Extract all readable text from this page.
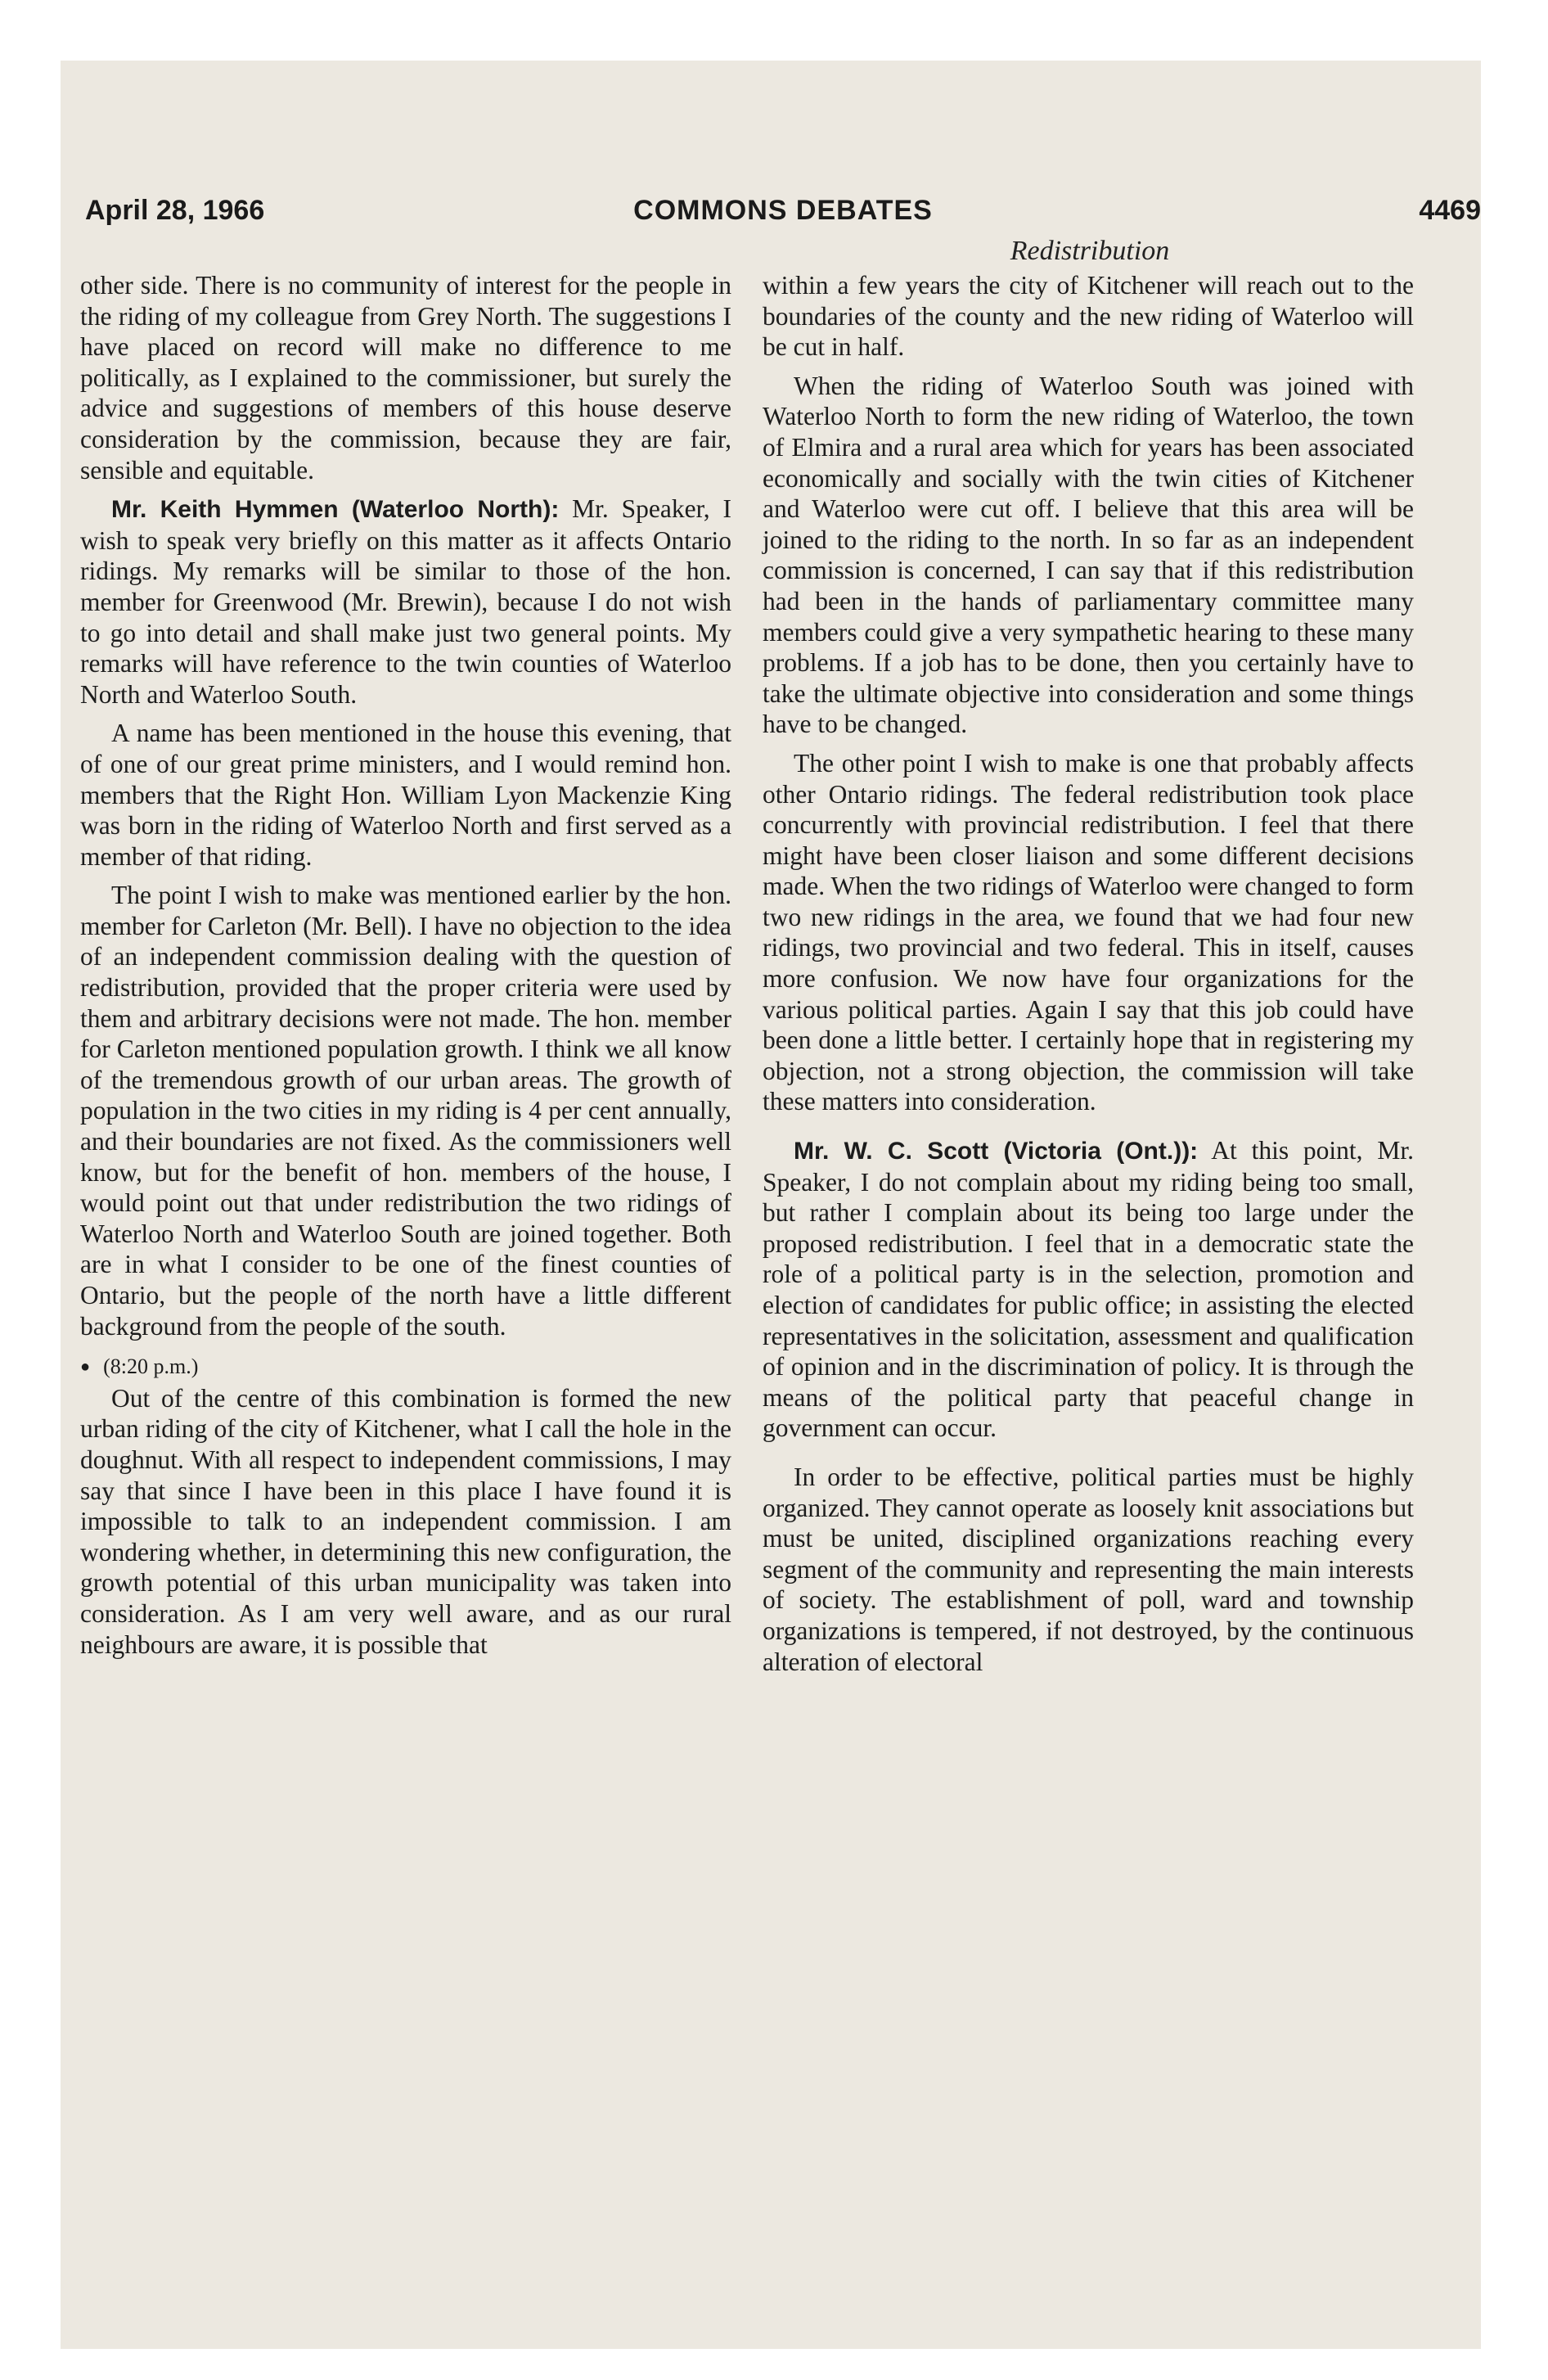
April 28, 1966	COMMONS DEBATES	4469
Redistribution

other side. There is no community of interest for the people in the riding of my colleague from Grey North. The suggestions I have placed on record will make no difference to me politically, as I explained to the commissioner, but surely the advice and suggestions of members of this house deserve consideration by the commission, because they are fair, sensible and equitable.

Mr. Keith Hymmen (Waterloo North): Mr. Speaker, I wish to speak very briefly on this matter as it affects Ontario ridings. My remarks will be similar to those of the hon. member for Greenwood (Mr. Brewin), because I do not wish to go into detail and shall make just two general points. My remarks will have reference to the twin counties of Waterloo North and Waterloo South.

A name has been mentioned in the house this evening, that of one of our great prime ministers, and I would remind hon. members that the Right Hon. William Lyon Mackenzie King was born in the riding of Waterloo North and first served as a member of that riding.

The point I wish to make was mentioned earlier by the hon. member for Carleton (Mr. Bell). I have no objection to the idea of an independent commission dealing with the question of redistribution, provided that the proper criteria were used by them and arbitrary decisions were not made. The hon. member for Carleton mentioned population growth. I think we all know of the tremendous growth of our urban areas. The growth of population in the two cities in my riding is 4 per cent annually, and their boundaries are not fixed. As the commissioners well know, but for the benefit of hon. members of the house, I would point out that under redistribution the two ridings of Waterloo North and Waterloo South are joined together. Both are in what I consider to be one of the finest counties of Ontario, but the people of the north have a little different background from the people of the south.

● (8:20 p.m.)

Out of the centre of this combination is formed the new urban riding of the city of Kitchener, what I call the hole in the doughnut. With all respect to independent commissions, I may say that since I have been in this place I have found it is impossible to talk to an independent commission. I am wondering whether, in determining this new configuration, the growth potential of this urban municipality was taken into consideration. As I am very well aware, and as our rural neighbours are aware, it is possible that

within a few years the city of Kitchener will reach out to the boundaries of the county and the new riding of Waterloo will be cut in half.

When the riding of Waterloo South was joined with Waterloo North to form the new riding of Waterloo, the town of Elmira and a rural area which for years has been associated economically and socially with the twin cities of Kitchener and Waterloo were cut off. I believe that this area will be joined to the riding to the north. In so far as an independent commission is concerned, I can say that if this redistribution had been in the hands of parliamentary committee many members could give a very sympathetic hearing to these many problems. If a job has to be done, then you certainly have to take the ultimate objective into consideration and some things have to be changed.

The other point I wish to make is one that probably affects other Ontario ridings. The federal redistribution took place concurrently with provincial redistribution. I feel that there might have been closer liaison and some different decisions made. When the two ridings of Waterloo were changed to form two new ridings in the area, we found that we had four new ridings, two provincial and two federal. This in itself, causes more confusion. We now have four organizations for the various political parties. Again I say that this job could have been done a little better. I certainly hope that in registering my objection, not a strong objection, the commission will take these matters into consideration.

Mr. W. C. Scott (Victoria (Ont.)): At this point, Mr. Speaker, I do not complain about my riding being too small, but rather I complain about its being too large under the proposed redistribution. I feel that in a democratic state the role of a political party is in the selection, promotion and election of candidates for public office; in assisting the elected representatives in the solicitation, assessment and qualification of opinion and in the discrimination of policy. It is through the means of the political party that peaceful change in government can occur.

In order to be effective, political parties must be highly organized. They cannot operate as loosely knit associations but must be united, disciplined organizations reaching every segment of the community and representing the main interests of society. The establishment of poll, ward and township organizations is tempered, if not destroyed, by the continuous alteration of electoral
